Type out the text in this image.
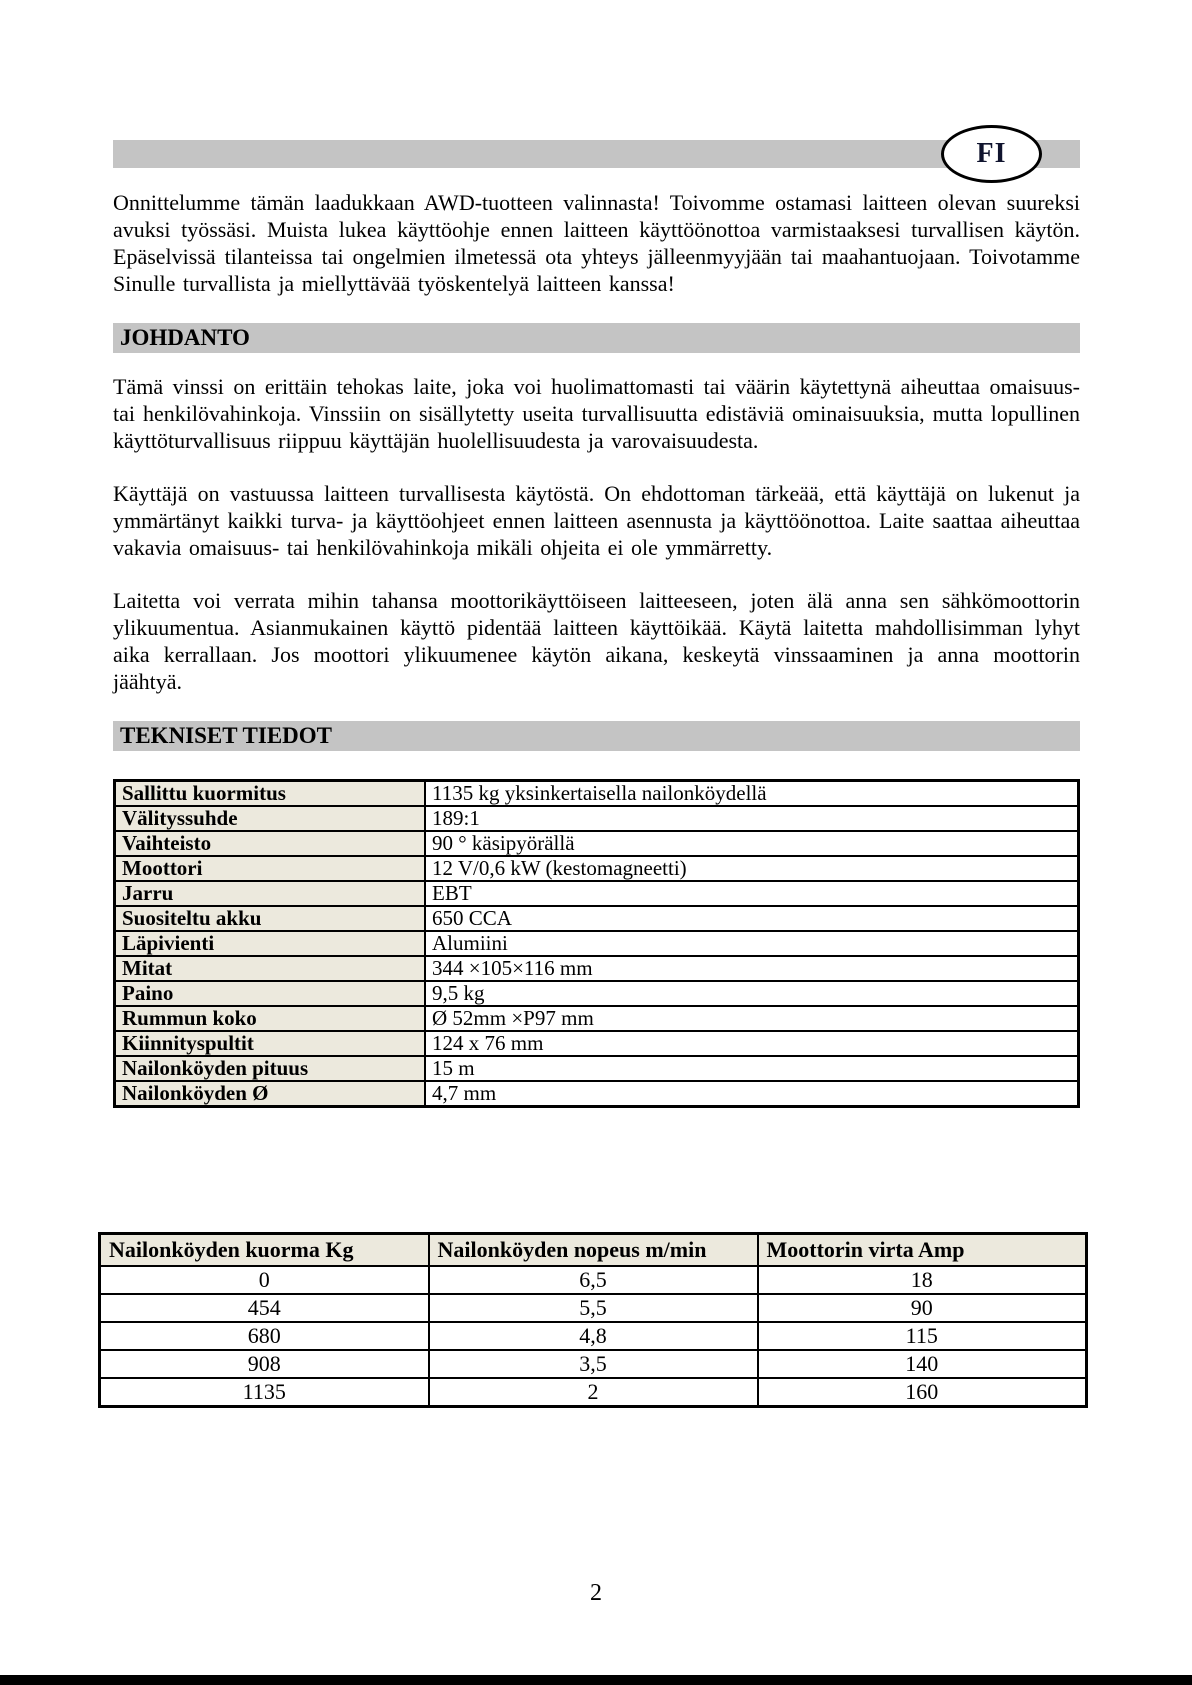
FI

Onnittelumme tämän laadukkaan AWD-tuotteen valinnasta! Toivomme ostamasi laitteen olevan suureksi avuksi työssäsi. Muista lukea käyttöohje ennen laitteen käyttöönottoa varmistaaksesi turvallisen käytön. Epäselvissä tilanteissa tai ongelmien ilmetessä ota yhteys jälleenmyyjään tai maahantuojaan. Toivotamme Sinulle turvallista ja miellyttävää työskentelyä laitteen kanssa!

JOHDANTO

Tämä vinssi on erittäin tehokas laite, joka voi huolimattomasti tai väärin käytettynä aiheuttaa omaisuus- tai henkilövahinkoja. Vinssiin on sisällytetty useita turvallisuutta edistäviä ominaisuuksia, mutta lopullinen käyttöturvallisuus riippuu käyttäjän huolellisuudesta ja varovaisuudesta.

Käyttäjä on vastuussa laitteen turvallisesta käytöstä. On ehdottoman tärkeää, että käyttäjä on lukenut ja ymmärtänyt kaikki turva- ja käyttöohjeet ennen laitteen asennusta ja käyttöönottoa. Laite saattaa aiheuttaa vakavia omaisuus- tai henkilövahinkoja mikäli ohjeita ei ole ymmärretty.

Laitetta voi verrata mihin tahansa moottorikäyttöiseen laitteeseen, joten älä anna sen sähkömoottorin ylikuumentua. Asianmukainen käyttö pidentää laitteen käyttöikää. Käytä laitetta mahdollisimman lyhyt aika kerrallaan. Jos moottori ylikuumenee käytön aikana, keskeytä vinssaaminen ja anna moottorin jäähtyä.

TEKNISET TIEDOT
Sallittu kuormitus	1135 kg yksinkertaisella nailonköydellä
Välityssuhde	189:1
Vaihteisto	90 ° käsipyörällä
Moottori	12 V/0,6 kW (kestomagneetti)
Jarru	EBT
Suositeltu akku	650 CCA
Läpivienti	Alumiini
Mitat	344 ×105×116 mm
Paino	9,5 kg
Rummun koko	Ø 52mm ×P97 mm
Kiinnityspultit	124 x 76 mm
Nailonköyden pituus	15 m
Nailonköyden Ø	4,7 mm
Nailonköyden kuorma Kg	Nailonköyden nopeus m/min	Moottorin virta Amp
0	6,5	18
454	5,5	90
680	4,8	115
908	3,5	140
1135	2	160
2
